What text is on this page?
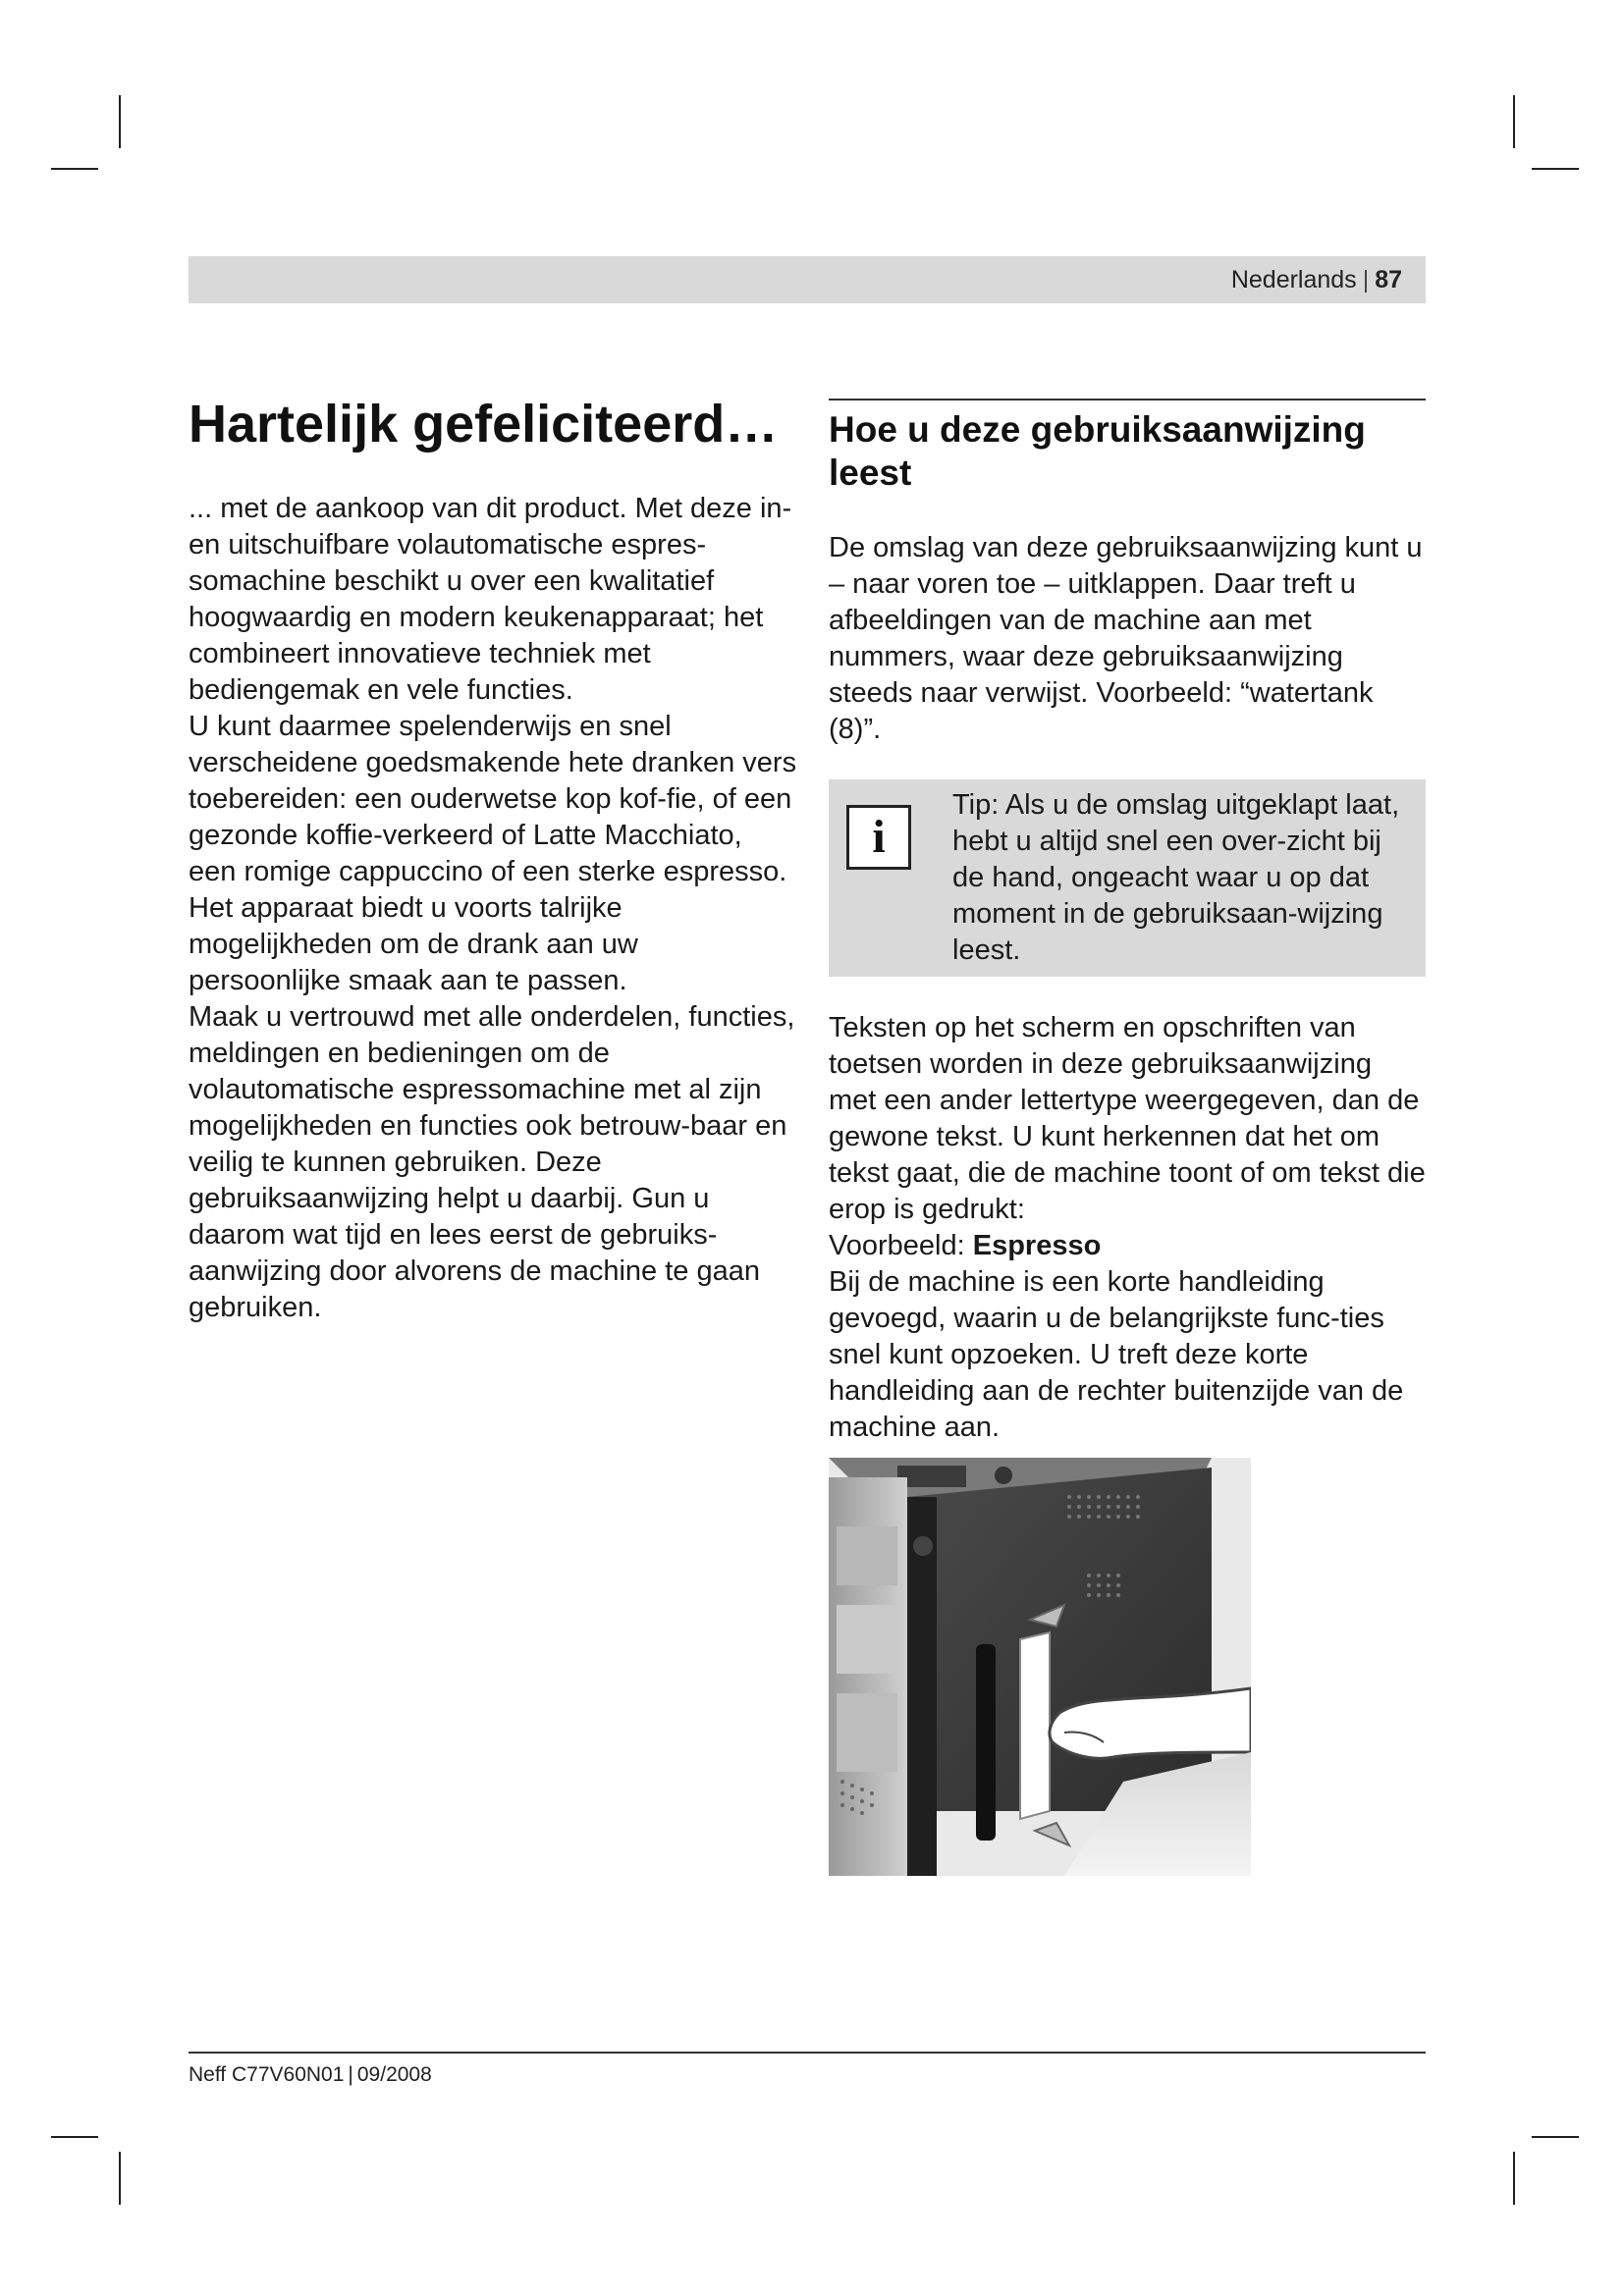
Nederlands | 87
Hartelijk gefeliciteerd…

... met de aankoop van dit product. Met deze in- en uitschuifbare volautomatische espres-somachine beschikt u over een kwalitatief hoogwaardig en modern keukenapparaat; het combineert innovatieve techniek met bediengemak en vele functies.

U kunt daarmee spelenderwijs en snel verscheidene goedsmakende hete dranken vers toebereiden: een ouderwetse kop kof-fie, of een gezonde koffie-verkeerd of Latte Macchiato, een romige cappuccino of een sterke espresso. Het apparaat biedt u voorts talrijke mogelijkheden om de drank aan uw persoonlijke smaak aan te passen.

Maak u vertrouwd met alle onderdelen, functies, meldingen en bedieningen om de volautomatische espressomachine met al zijn mogelijkheden en functies ook betrouw-baar en veilig te kunnen gebruiken. Deze gebruiksaanwijzing helpt u daarbij. Gun u daarom wat tijd en lees eerst de gebruiks-aanwijzing door alvorens de machine te gaan gebruiken.

Hoe u deze gebruiksaanwijzing leest

De omslag van deze gebruiksaanwijzing kunt u – naar voren toe – uitklappen. Daar treft u afbeeldingen van de machine aan met nummers, waar deze gebruiksaanwijzing steeds naar verwijst. Voorbeeld: “watertank (8)”.

i
Tip: Als u de omslag uitgeklapt laat, hebt u altijd snel een over-zicht bij de hand, ongeacht waar u op dat moment in de gebruiksaan-wijzing leest.

Teksten op het scherm en opschriften van toetsen worden in deze gebruiksaanwijzing met een ander lettertype weergegeven, dan de gewone tekst. U kunt herkennen dat het om tekst gaat, die de machine toont of om tekst die erop is gedrukt:

Voorbeeld: Espresso

Bij de machine is een korte handleiding gevoegd, waarin u de belangrijkste func-ties snel kunt opzoeken. U treft deze korte handleiding aan de rechter buitenzijde van de machine aan.

Neff C77V60N01 | 09/2008
